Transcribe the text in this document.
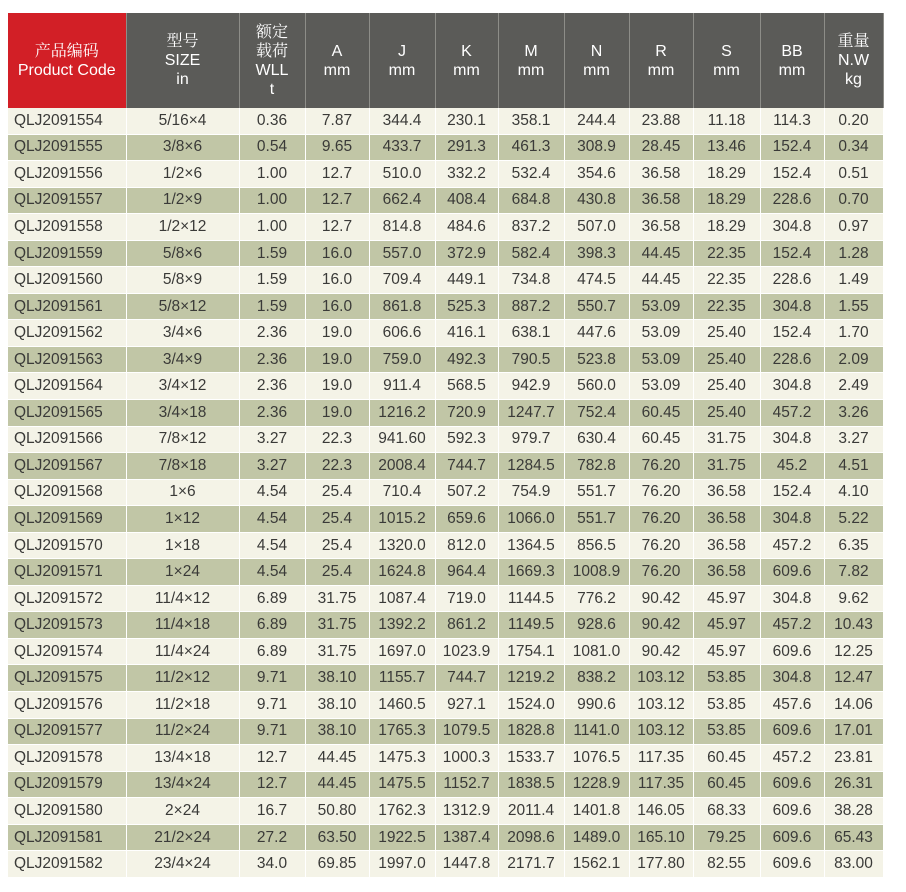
产品编码
Product Code	型号
SIZE
in	额定
载荷
WLL
t	A
mm	J
mm	K
mm	M
mm	N
mm	R
mm	S
mm	BB
mm	重量
N.W
kg

QLJ2091554	5/16×4	0.36	7.87	344.4	230.1	358.1	244.4	23.88	11.18	114.3	0.20
QLJ2091555	3/8×6	0.54	9.65	433.7	291.3	461.3	308.9	28.45	13.46	152.4	0.34
QLJ2091556	1/2×6	1.00	12.7	510.0	332.2	532.4	354.6	36.58	18.29	152.4	0.51
QLJ2091557	1/2×9	1.00	12.7	662.4	408.4	684.8	430.8	36.58	18.29	228.6	0.70
QLJ2091558	1/2×12	1.00	12.7	814.8	484.6	837.2	507.0	36.58	18.29	304.8	0.97
QLJ2091559	5/8×6	1.59	16.0	557.0	372.9	582.4	398.3	44.45	22.35	152.4	1.28
QLJ2091560	5/8×9	1.59	16.0	709.4	449.1	734.8	474.5	44.45	22.35	228.6	1.49
QLJ2091561	5/8×12	1.59	16.0	861.8	525.3	887.2	550.7	53.09	22.35	304.8	1.55
QLJ2091562	3/4×6	2.36	19.0	606.6	416.1	638.1	447.6	53.09	25.40	152.4	1.70
QLJ2091563	3/4×9	2.36	19.0	759.0	492.3	790.5	523.8	53.09	25.40	228.6	2.09
QLJ2091564	3/4×12	2.36	19.0	911.4	568.5	942.9	560.0	53.09	25.40	304.8	2.49
QLJ2091565	3/4×18	2.36	19.0	1216.2	720.9	1247.7	752.4	60.45	25.40	457.2	3.26
QLJ2091566	7/8×12	3.27	22.3	941.60	592.3	979.7	630.4	60.45	31.75	304.8	3.27
QLJ2091567	7/8×18	3.27	22.3	2008.4	744.7	1284.5	782.8	76.20	31.75	45.2	4.51
QLJ2091568	1×6	4.54	25.4	710.4	507.2	754.9	551.7	76.20	36.58	152.4	4.10
QLJ2091569	1×12	4.54	25.4	1015.2	659.6	1066.0	551.7	76.20	36.58	304.8	5.22
QLJ2091570	1×18	4.54	25.4	1320.0	812.0	1364.5	856.5	76.20	36.58	457.2	6.35
QLJ2091571	1×24	4.54	25.4	1624.8	964.4	1669.3	1008.9	76.20	36.58	609.6	7.82
QLJ2091572	11/4×12	6.89	31.75	1087.4	719.0	1144.5	776.2	90.42	45.97	304.8	9.62
QLJ2091573	11/4×18	6.89	31.75	1392.2	861.2	1149.5	928.6	90.42	45.97	457.2	10.43
QLJ2091574	11/4×24	6.89	31.75	1697.0	1023.9	1754.1	1081.0	90.42	45.97	609.6	12.25
QLJ2091575	11/2×12	9.71	38.10	1155.7	744.7	1219.2	838.2	103.12	53.85	304.8	12.47
QLJ2091576	11/2×18	9.71	38.10	1460.5	927.1	1524.0	990.6	103.12	53.85	457.6	14.06
QLJ2091577	11/2×24	9.71	38.10	1765.3	1079.5	1828.8	1141.0	103.12	53.85	609.6	17.01
QLJ2091578	13/4×18	12.7	44.45	1475.3	1000.3	1533.7	1076.5	117.35	60.45	457.2	23.81
QLJ2091579	13/4×24	12.7	44.45	1475.5	1152.7	1838.5	1228.9	117.35	60.45	609.6	26.31
QLJ2091580	2×24	16.7	50.80	1762.3	1312.9	2011.4	1401.8	146.05	68.33	609.6	38.28
QLJ2091581	21/2×24	27.2	63.50	1922.5	1387.4	2098.6	1489.0	165.10	79.25	609.6	65.43
QLJ2091582	23/4×24	34.0	69.85	1997.0	1447.8	2171.7	1562.1	177.80	82.55	609.6	83.00
